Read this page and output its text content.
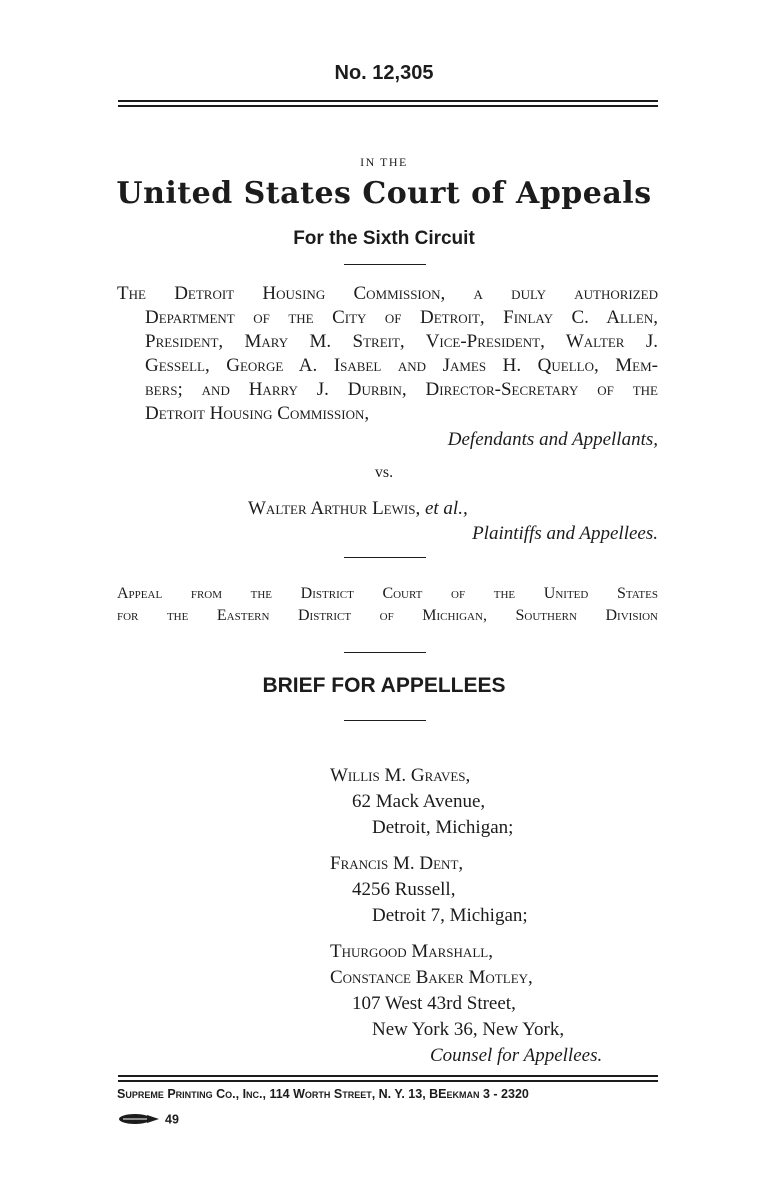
No. 12,305
IN THE
United States Court of Appeals
For the Sixth Circuit
The Detroit Housing Commission, a duly authorized
Department of the City of Detroit, Finlay C. Allen,
President, Mary M. Streit, Vice-President, Walter J.
Gessell, George A. Isabel and James H. Quello, Mem-
bers; and Harry J. Durbin, Director-Secretary of the
Detroit Housing Commission,
Defendants and Appellants,
vs.
Walter Arthur Lewis, et al.,
Plaintiffs and Appellees.
Appeal from the District Court of the United States
for the Eastern District of Michigan, Southern Division
BRIEF FOR APPELLEES
Willis M. Graves,
62 Mack Avenue,
Detroit, Michigan;
Francis M. Dent,
4256 Russell,
Detroit 7, Michigan;
Thurgood Marshall,
Constance Baker Motley,
107 West 43rd Street,
New York 36, New York,
Counsel for Appellees.
Supreme Printing Co., Inc., 114 Worth Street, N. Y. 13, BEekman 3 - 2320
49
